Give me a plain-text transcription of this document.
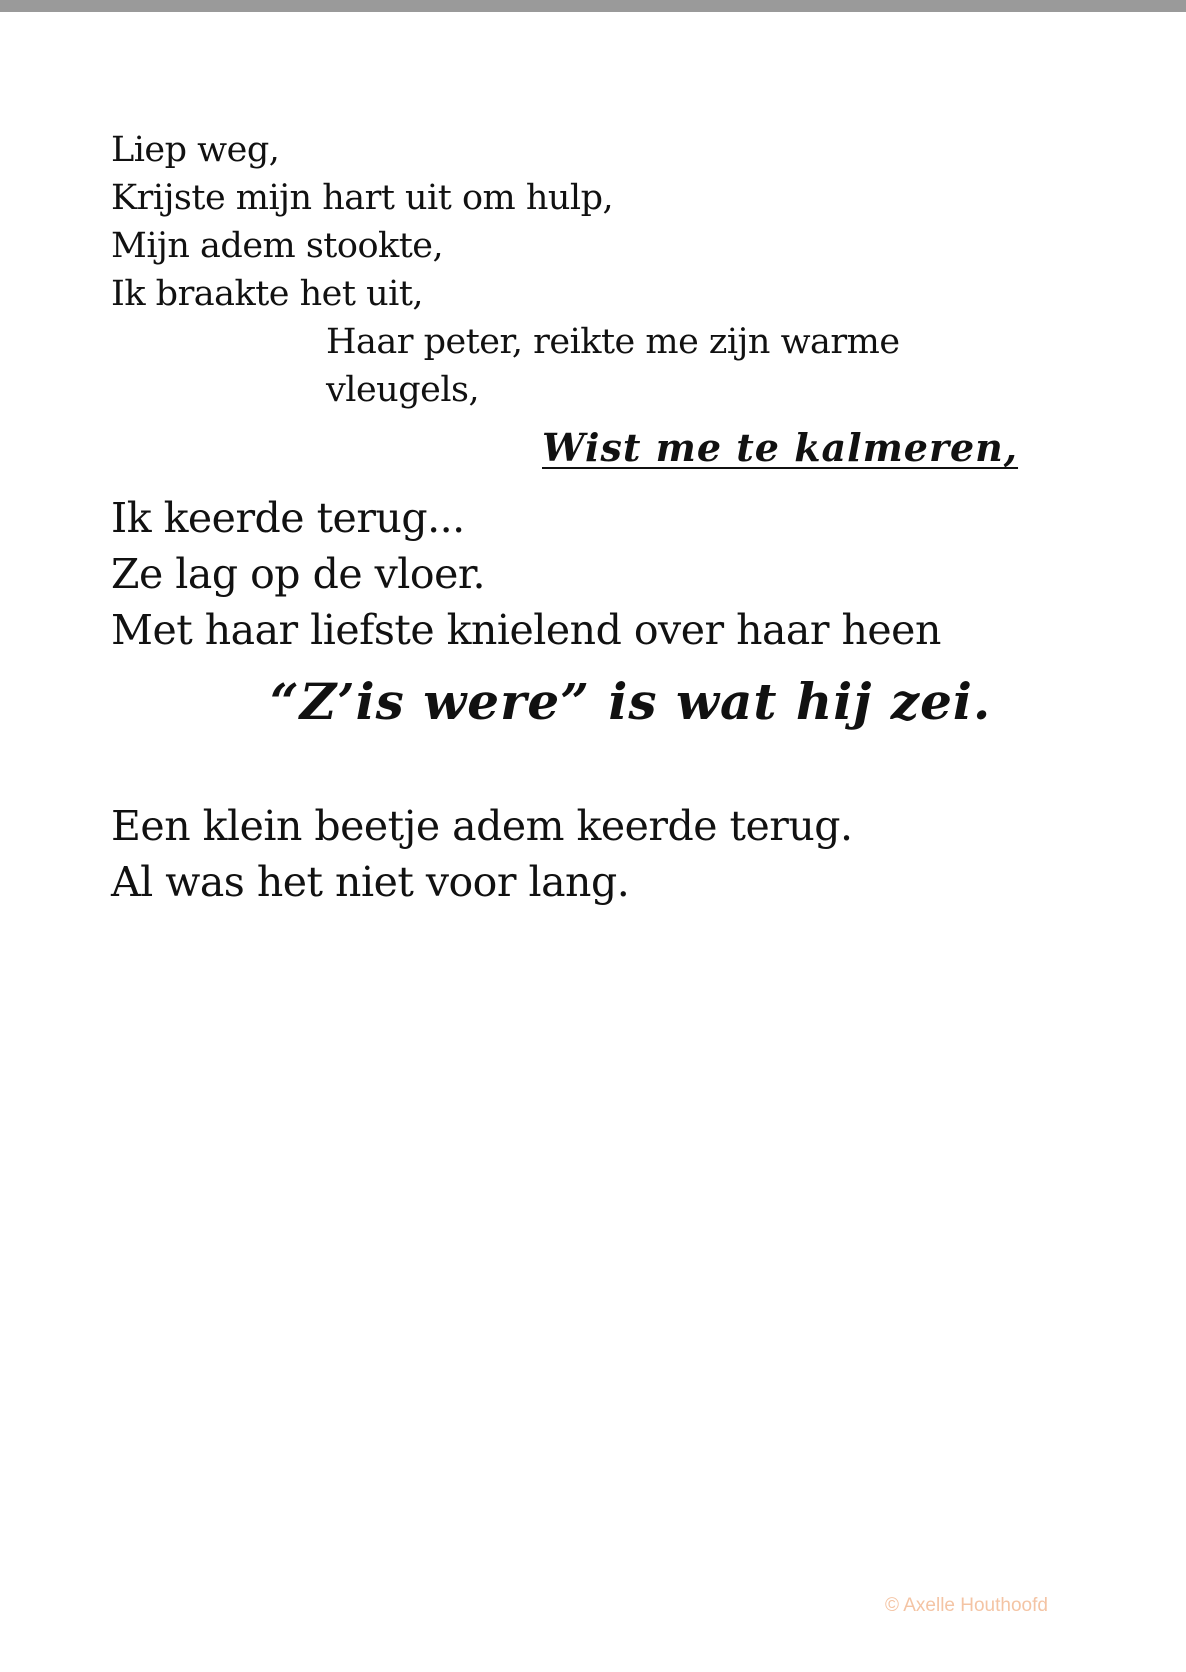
Liep weg,
Krijste mijn hart uit om hulp,
Mijn adem stookte,
Ik braakte het uit,
Haar peter, reikte me zijn warme
vleugels,
Wist me te kalmeren,
Ik keerde terug...
Ze lag op de vloer.
Met haar liefste knielend over haar heen
“Z’is were” is wat hij zei.
Een klein beetje adem keerde terug.
Al was het niet voor lang.
© Axelle Houthoofd
